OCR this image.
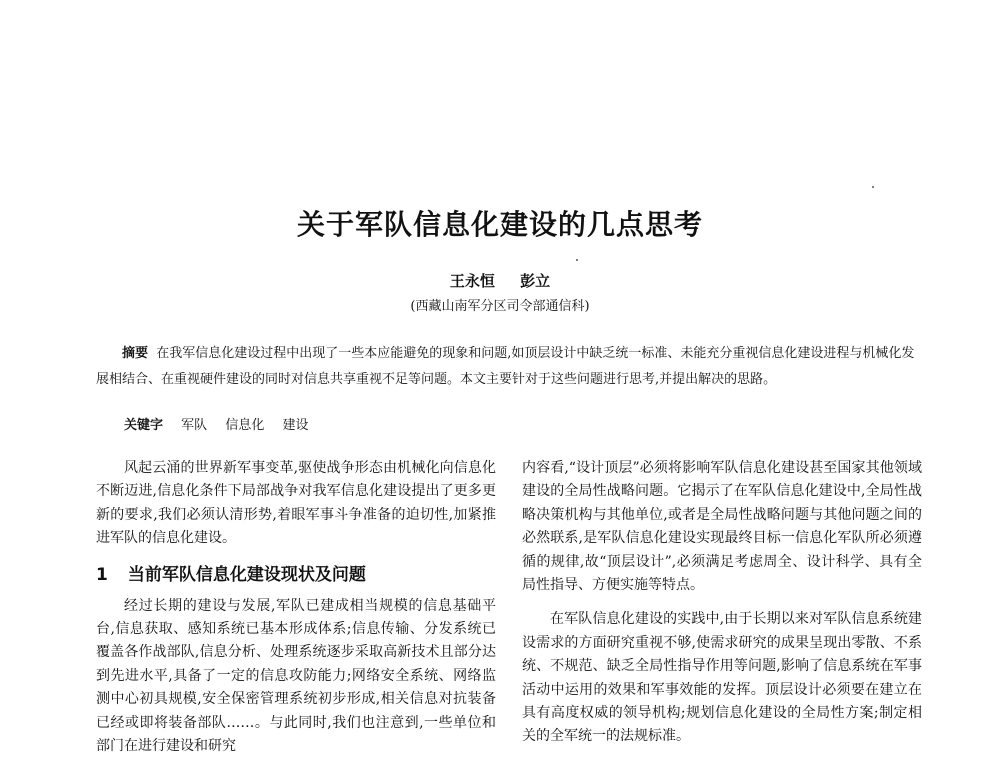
关于军队信息化建设的几点思考

王永恒 彭立

(西藏山南军分区司令部通信科)

摘要 在我军信息化建设过程中出现了一些本应能避免的现象和问题,如顶层设计中缺乏统一标准、未能充分重视信息化建设进程与机械化发展相结合、在重视硬件建设的同时对信息共享重视不足等问题。本文主要针对于这些问题进行思考,并提出解决的思路。

关键字 军队 信息化 建设

风起云涌的世界新军事变革,驱使战争形态由机械化向信息化不断迈进,信息化条件下局部战争对我军信息化建设提出了更多更新的要求,我们必须认清形势,着眼军事斗争准备的迫切性,加紧推进军队的信息化建设。

1 当前军队信息化建设现状及问题

经过长期的建设与发展,军队已建成相当规模的信息基础平台,信息获取、感知系统已基本形成体系;信息传输、分发系统已覆盖各作战部队,信息分析、处理系统逐步采取高新技术且部分达到先进水平,具备了一定的信息攻防能力;网络安全系统、网络监测中心初具规模,安全保密管理系统初步形成,相关信息对抗装备已经或即将装备部队……。与此同时,我们也注意到,一些单位和部门在进行建设和研究

内容看,“设计顶层”必须将影响军队信息化建设甚至国家其他领域建设的全局性战略问题。它揭示了在军队信息化建设中,全局性战略决策机构与其他单位,或者是全局性战略问题与其他问题之间的必然联系,是军队信息化建设实现最终目标一信息化军队所必须遵循的规律,故“顶层设计”,必须满足考虑周全、设计科学、具有全局性指导、方便实施等特点。

在军队信息化建设的实践中,由于长期以来对军队信息系统建设需求的方面研究重视不够,使需求研究的成果呈现出零散、不系统、不规范、缺乏全局性指导作用等问题,影响了信息系统在军事活动中运用的效果和军事效能的发挥。顶层设计必须要在建立在具有高度权威的领导机构;规划信息化建设的全局性方案;制定相关的全军统一的法规标准。
